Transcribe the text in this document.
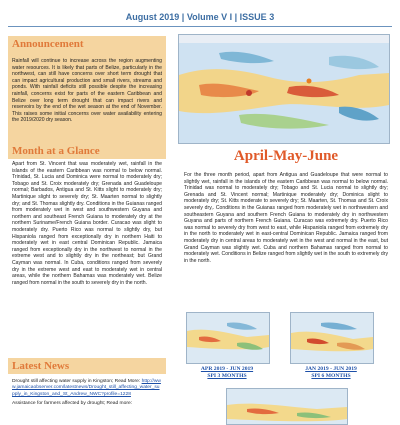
August 2019 | Volume V I | ISSUE 3
Announcement
Rainfall will continue to increase across the region augmenting water resources. It is likely that parts of Belize, particularly in the northwest, can still have concerns over short term drought that can impact agricultural production and small rivers, streams and ponds. With rainfall deficits still possible despite the increasing rainfall, concerns exist for parts of the eastern Caribbean and Belize over long term drought that can impact rivers and reservoirs by the end of the wet season at the end of November. This raises some initial concerns over water availability entering the 2019/2020 dry season.
Month at a Glance
Apart from St. Vincent that was moderately wet, rainfall in the islands of the eastern Caribbean was normal to below normal. Trinidad, St. Lucia and Dominica were normal to moderately dry; Tobago and St. Croix moderately dry; Grenada and Guadeloupe normal; Barbados, Antigua and St. Kitts slight to moderately dry; Martinique slight to severely dry; St. Maarten normal to slightly dry; and St. Thomas slightly dry. Conditions in the Guianas ranged from moderately wet in west and southwestern Guyana and northern and southeast French Guiana to moderately dry at the northern Suriname/French Guiana border. Curacao was slight to moderately dry. Puerto Rico was normal to slightly dry, but Hispaniola ranged from exceptionally dry in northern Haiti to moderately wet in east central Dominican Republic. Jamaica ranged from exceptionally dry in the northwest to normal in the extreme west and to slightly dry in the northeast; but Grand Cayman was normal. In Cuba, conditions ranged from severely dry in the extreme west and east to moderately wet in central areas, while the northern Bahamas was moderately wet. Belize ranged from normal in the south to severely dry in the north.
Latest News
Drought still affecting water supply in Kingston; Read More: http://www.jamaicaobserver.com/latestnews/Drought_still_affecting_water_supply_in_Kingston_and_St_Andrew_NWC?profile=1228
Assistance for farmers affected by drought; Read more:
April-May-June
For the three month period, apart from Antigua and Guadeloupe that were normal to slightly wet, rainfall in the islands of the eastern Caribbean was normal to below normal. Trinidad was normal to moderately dry; Tobago and St. Lucia normal to slightly dry; Grenada and St. Vincent normal; Martinique moderately dry; Dominica slight to moderately dry; St. Kitts moderate to severely dry; St. Maarten, St. Thomas and St. Croix severely dry,. Conditions in the Guianas ranged from moderately wet in northwestern and southeastern Guyana and southern French Guiana to moderately dry in northwestern Guyana and parts of northern French Guiana. Curacao was extremely dry. Puerto Rico was normal to severely dry from west to east, while Hispaniola ranged from extremely dry in the north to moderately wet in east-central Dominican Republic. Jamaica ranged from moderately dry in central areas to moderately wet in the west and normal in the east, but Grand Cayman was slightly wet. Cuba and northern Bahamas ranged from normal to moderately wet. Conditions in Belize ranged from slightly wet in the south to extremely dry in the north.
APR 2019 - JUN 2019
SPI 3 MONTHS
JAN 2019 - JUN 2019
SPI 6 MONTHS
